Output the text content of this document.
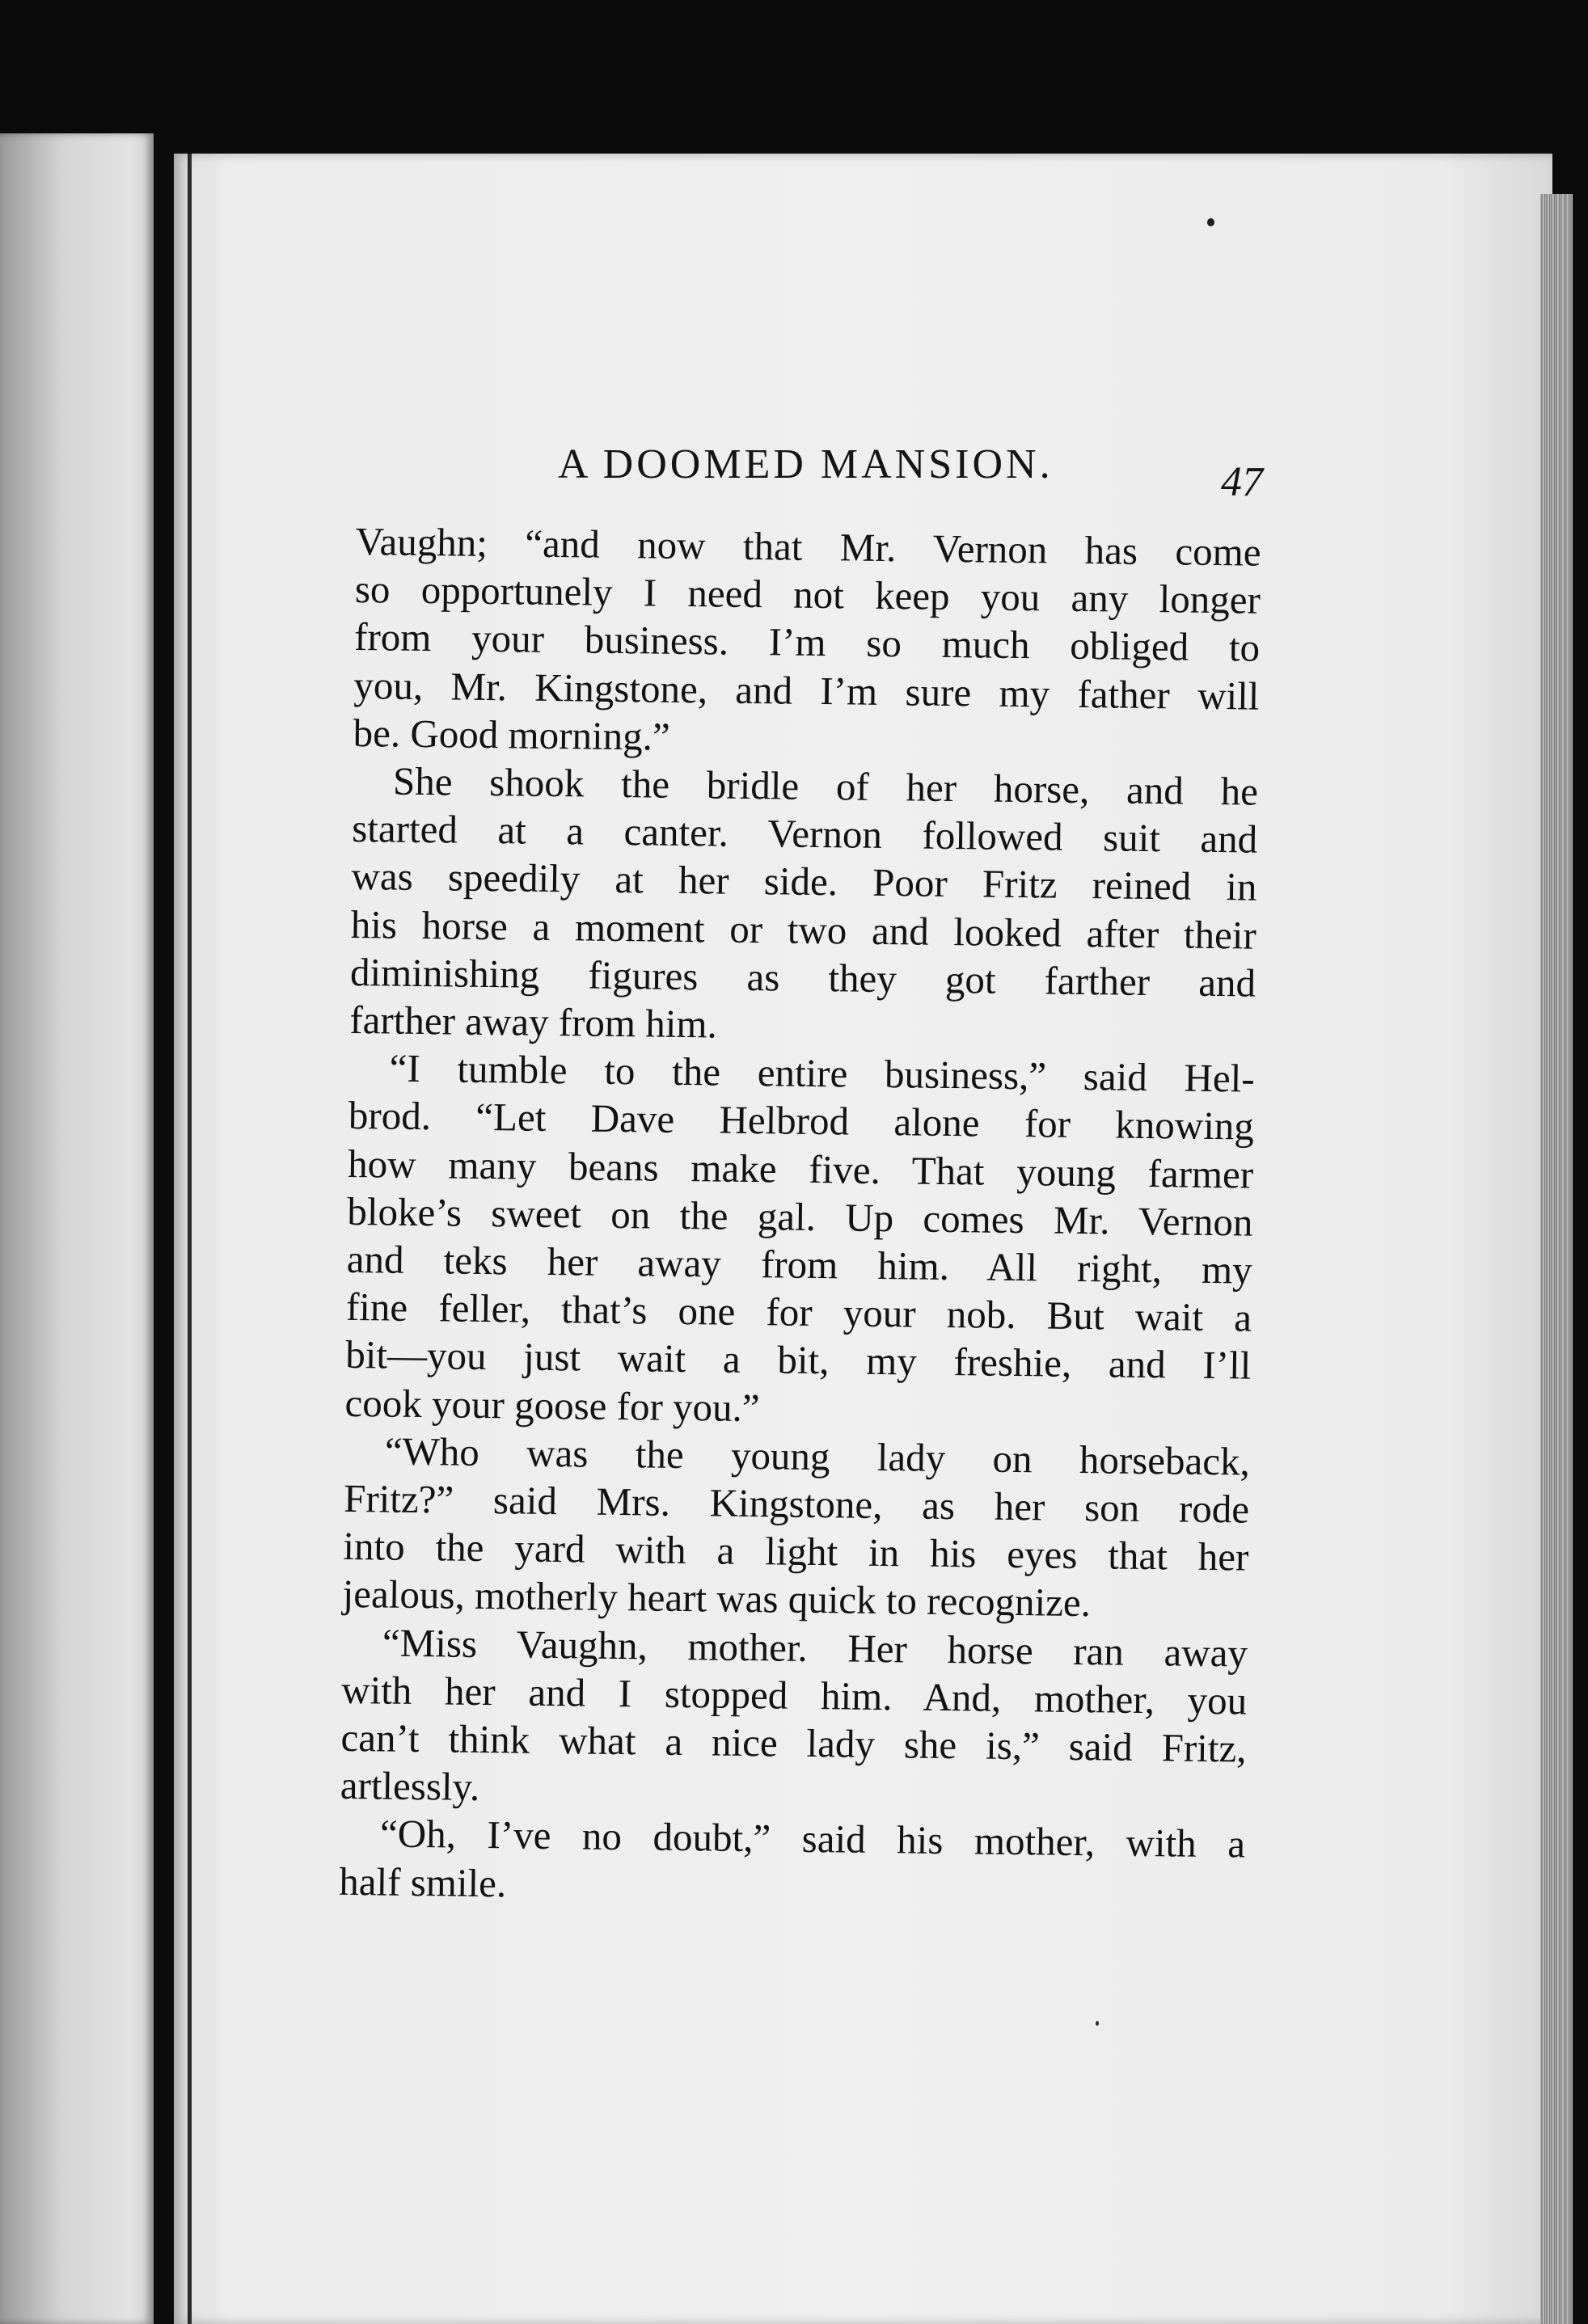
A DOOMED MANSION.	47

Vaughn; “and now that Mr. Vernon has come
so opportunely I need not keep you any longer
from your business. I’m so much obliged to
you, Mr. Kingstone, and I’m sure my father will
be. Good morning.”

She shook the bridle of her horse, and he
started at a canter. Vernon followed suit and
was speedily at her side. Poor Fritz reined in
his horse a moment or two and looked after their
diminishing figures as they got farther and
farther away from him.

“I tumble to the entire business,” said Hel-
brod. “Let Dave Helbrod alone for knowing
how many beans make five. That young farmer
bloke’s sweet on the gal. Up comes Mr. Vernon
and teks her away from him. All right, my
fine feller, that’s one for your nob. But wait a
bit—you just wait a bit, my freshie, and I’ll
cook your goose for you.”

“Who was the young lady on horseback,
Fritz?” said Mrs. Kingstone, as her son rode
into the yard with a light in his eyes that her
jealous, motherly heart was quick to recognize.

“Miss Vaughn, mother. Her horse ran away
with her and I stopped him. And, mother, you
can’t think what a nice lady she is,” said Fritz,
artlessly.

“Oh, I’ve no doubt,” said his mother, with a
half smile.
